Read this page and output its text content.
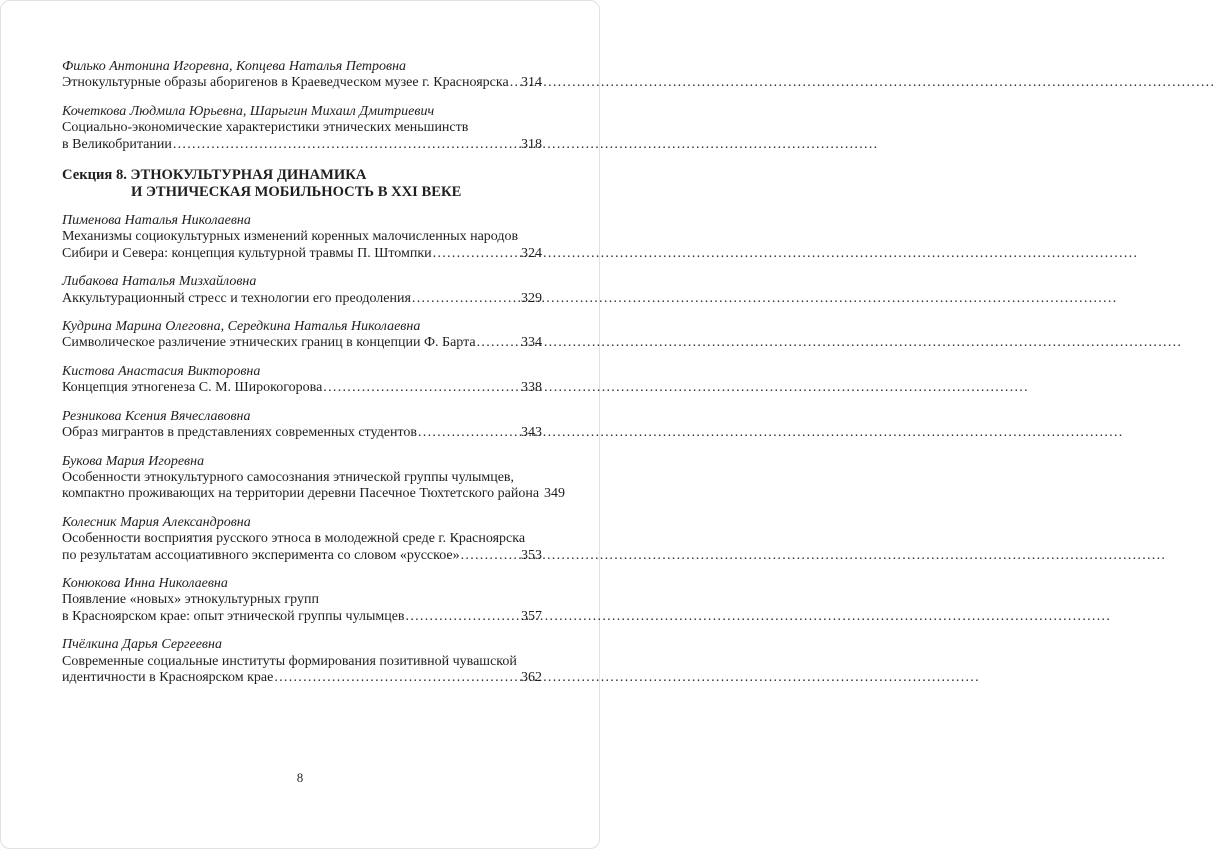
Филько Антонина Игоревна, Копцева Наталья Петровна
Этнокультурные образы аборигенов в Краеведческом музее г. Красноярска ..... 314
Кочеткова Людмила Юрьевна, Шарыгин Михаил Дмитриевич
Социально-экономические характеристики этнических меньшинств
в Великобритании .....	318
Секция 8. ЭТНОКУЛЬТУРНАЯ ДИНАМИКА
И ЭТНИЧЕСКАЯ МОБИЛЬНОСТЬ В XXI ВЕКЕ
Пименова Наталья Николаевна
Механизмы социокультурных изменений коренных малочисленных народов
Сибири и Севера: концепция культурной травмы П. Штомпки .....	324
Либакова Наталья Мизхайловна
Аккультурационный стресс и технологии его преодоления .....	329
Кудрина Марина Олеговна, Середкина Наталья Николаевна
Символическое различение этнических границ в концепции Ф. Барта .....	334
Кистова Анастасия Викторовна
Концепция этногенеза С. М. Широкогорова .....	338
Резникова Ксения Вячеславовна
Образ мигрантов в представлениях современных студентов .....	343
Букова Мария Игоревна
Особенности этнокультурного самосознания этнической группы чулымцев,
компактно проживающих на территории деревни Пасечное Тюхтетского района 349
Колесник Мария Александровна
Особенности восприятия русского этноса в молодежной среде г. Красноярска
по результатам ассоциативного эксперимента со словом «русское» .....	353
Конюкова Инна Николаевна
Появление «новых» этнокультурных групп
в Красноярском крае: опыт этнической группы чулымцев .....	357
Пчёлкина Дарья Сергеевна
Современные социальные институты формирования позитивной чувашской
идентичности в Красноярском крае .....	362
8
